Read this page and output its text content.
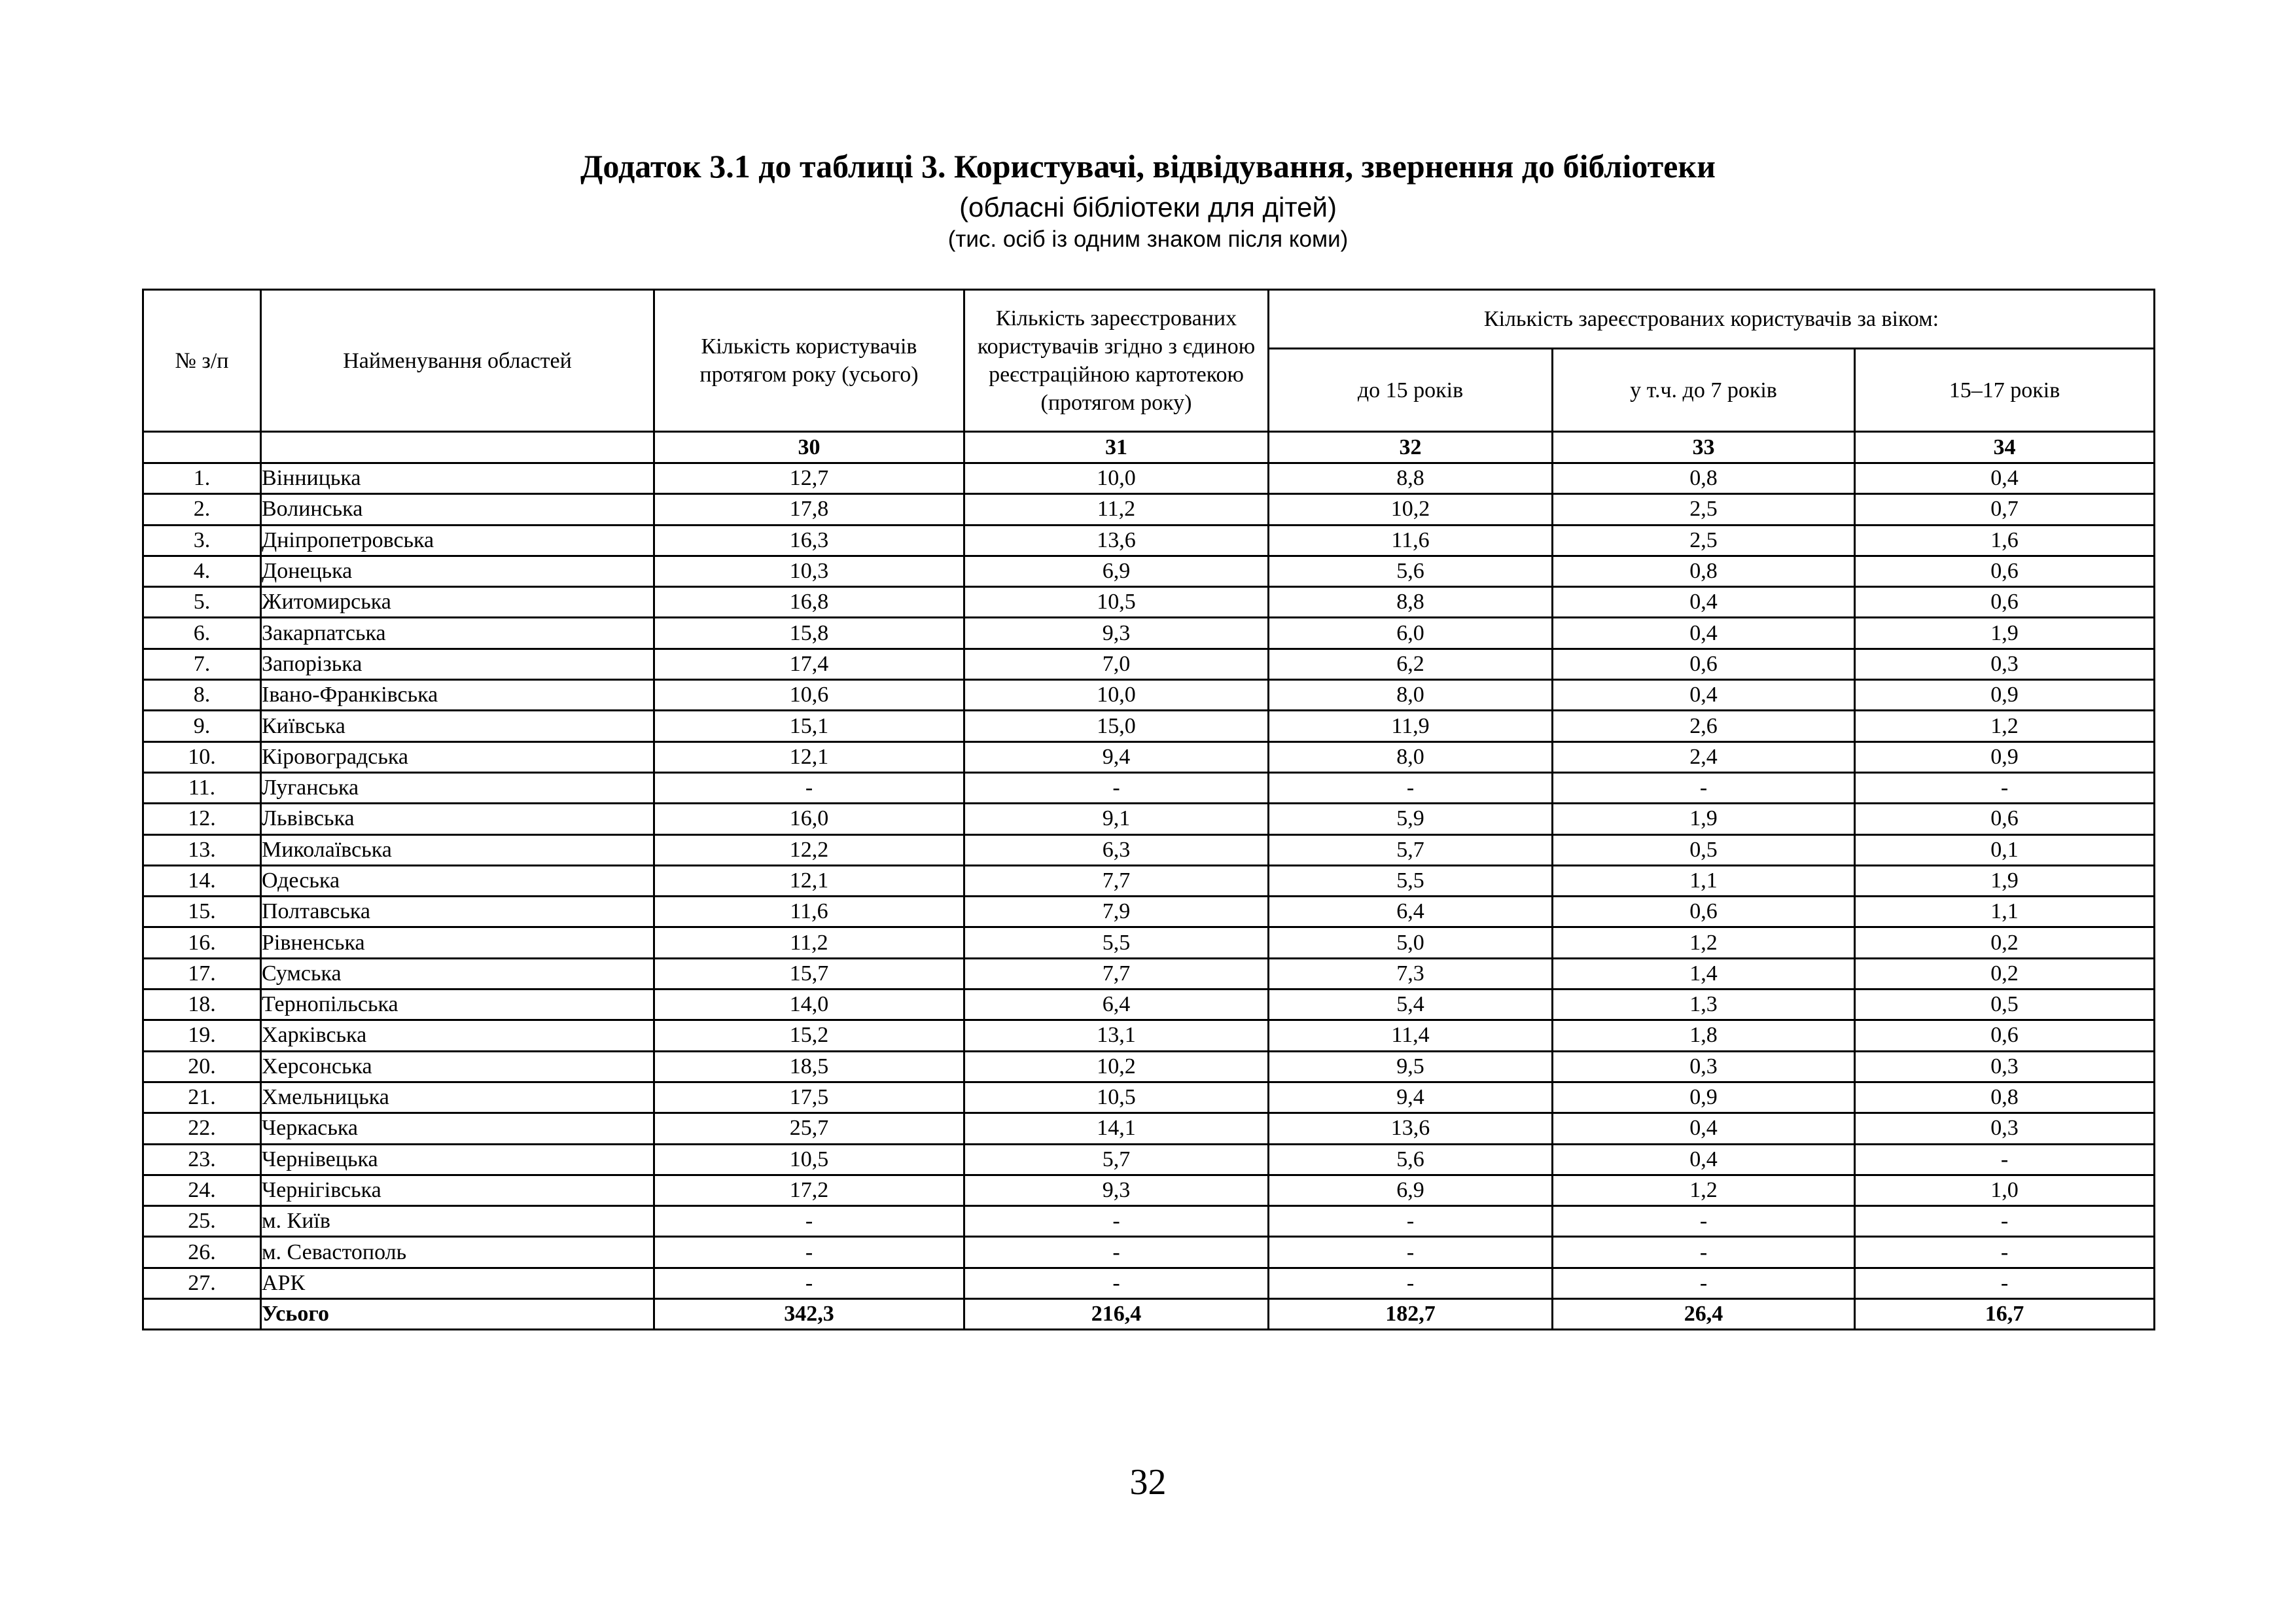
Додаток 3.1 до таблиці 3. Користувачі, відвідування, звернення до бібліотеки
(обласні бібліотеки для дітей)
(тис. осіб із одним знаком після коми)
№ з/п	Найменування областей	Кількість користувачів протягом року (усього)	Кількість зареєстрованих користувачів згідно з єдиною реєстраційною картотекою (протягом року)	Кількість зареєстрованих користувачів за віком:		
				до 15 років	у т.ч. до 7 років	15–17 років
		30	31	32	33	34
1.	Вінницька	12,7	10,0	8,8	0,8	0,4
2.	Волинська	17,8	11,2	10,2	2,5	0,7
3.	Дніпропетровська	16,3	13,6	11,6	2,5	1,6
4.	Донецька	10,3	6,9	5,6	0,8	0,6
5.	Житомирська	16,8	10,5	8,8	0,4	0,6
6.	Закарпатська	15,8	9,3	6,0	0,4	1,9
7.	Запорізька	17,4	7,0	6,2	0,6	0,3
8.	Івано-Франківська	10,6	10,0	8,0	0,4	0,9
9.	Київська	15,1	15,0	11,9	2,6	1,2
10.	Кіровоградська	12,1	9,4	8,0	2,4	0,9
11.	Луганська	-	-	-	-	-
12.	Львівська	16,0	9,1	5,9	1,9	0,6
13.	Миколаївська	12,2	6,3	5,7	0,5	0,1
14.	Одеська	12,1	7,7	5,5	1,1	1,9
15.	Полтавська	11,6	7,9	6,4	0,6	1,1
16.	Рівненська	11,2	5,5	5,0	1,2	0,2
17.	Сумська	15,7	7,7	7,3	1,4	0,2
18.	Тернопільська	14,0	6,4	5,4	1,3	0,5
19.	Харківська	15,2	13,1	11,4	1,8	0,6
20.	Херсонська	18,5	10,2	9,5	0,3	0,3
21.	Хмельницька	17,5	10,5	9,4	0,9	0,8
22.	Черкаська	25,7	14,1	13,6	0,4	0,3
23.	Чернівецька	10,5	5,7	5,6	0,4	-
24.	Чернігівська	17,2	9,3	6,9	1,2	1,0
25.	м. Київ	-	-	-	-	-
26.	м. Севастополь	-	-	-	-	-
27.	АРК	-	-	-	-	-
	Усього	342,3	216,4	182,7	26,4	16,7
32
